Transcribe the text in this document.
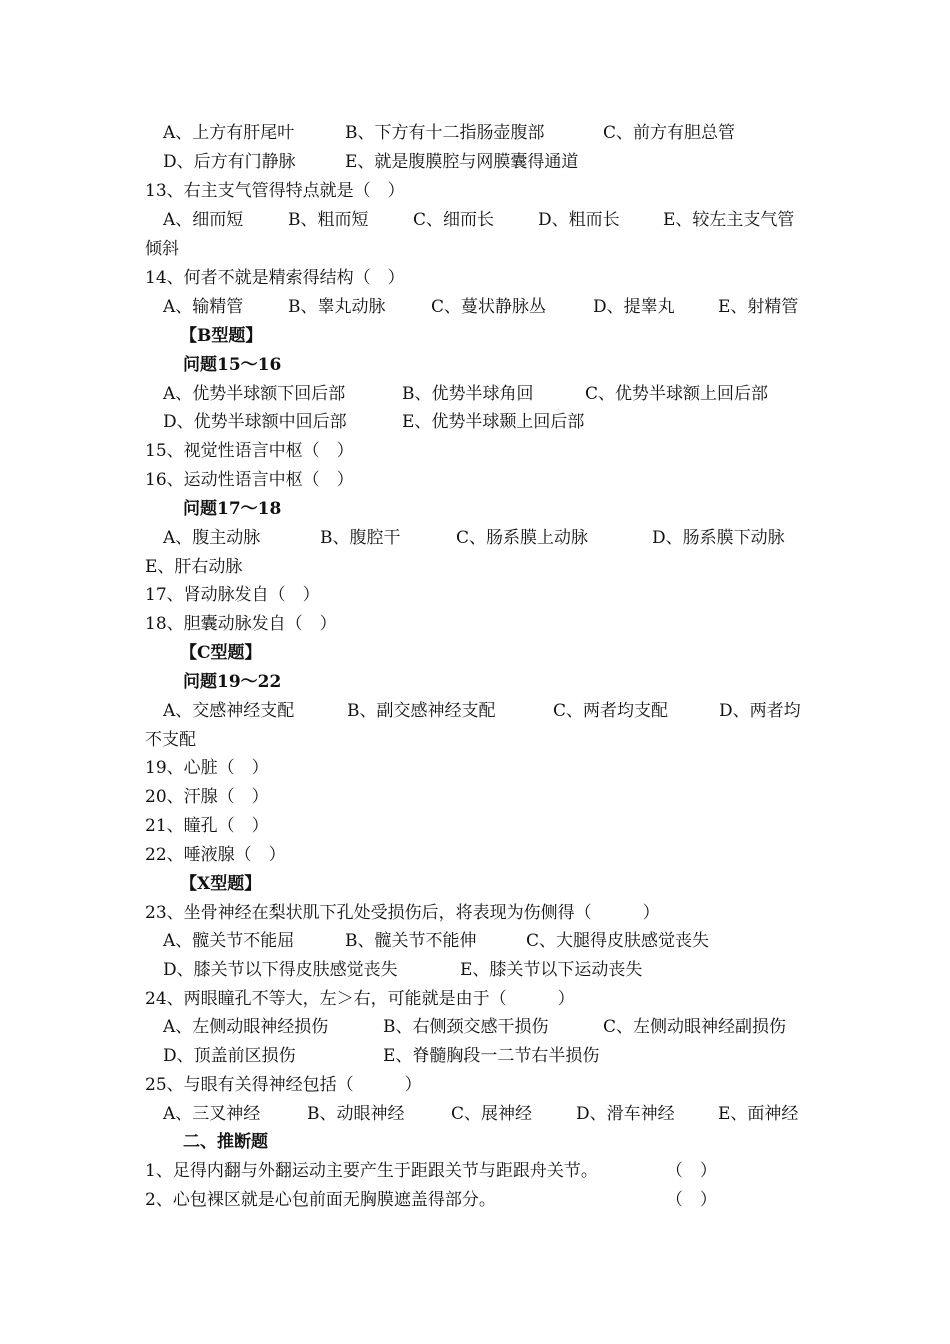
A、上方有肝尾叶	B、下方有十二指肠壶腹部	C、前方有胆总管
D、后方有门静脉	E、就是腹膜腔与网膜囊得通道
13、右主支气管得特点就是（　）
A、细而短	B、粗而短	C、细而长	D、粗而长	E、较左主支气管
倾斜
14、何者不就是精索得结构（　）
A、输精管	B、睾丸动脉	C、蔓状静脉丛	D、提睾丸	E、射精管
【B型题】
问题15～16
A、优势半球额下回后部	B、优势半球角回	C、优势半球额上回后部
D、优势半球额中回后部	E、优势半球颞上回后部
15、视觉性语言中枢（　）
16、运动性语言中枢（　）
问题17～18
A、腹主动脉	B、腹腔干	C、肠系膜上动脉	D、肠系膜下动脉
E、肝右动脉
17、肾动脉发自（　）
18、胆囊动脉发自（　）
【C型题】
问题19～22
A、交感神经支配	B、副交感神经支配	C、两者均支配	D、两者均
不支配
19、心脏（　）
20、汗腺（　）
21、瞳孔（　）
22、唾液腺（　）
【X型题】
23、坐骨神经在梨状肌下孔处受损伤后，将表现为伤侧得（　　　）
A、髋关节不能屈	B、髋关节不能伸	C、大腿得皮肤感觉丧失
D、膝关节以下得皮肤感觉丧失	E、膝关节以下运动丧失
24、两眼瞳孔不等大，左＞右，可能就是由于（　　　）
A、左侧动眼神经损伤	B、右侧颈交感干损伤	C、左侧动眼神经副损伤
D、顶盖前区损伤	E、脊髓胸段一二节右半损伤
25、与眼有关得神经包括（　　　）
A、三叉神经	B、动眼神经	C、展神经	D、滑车神经	E、面神经
二、推断题
1、足得内翻与外翻运动主要产生于距跟关节与距跟舟关节。　　　　　（　）
2、心包裸区就是心包前面无胸膜遮盖得部分。　　　　　　　　　　　（　）
